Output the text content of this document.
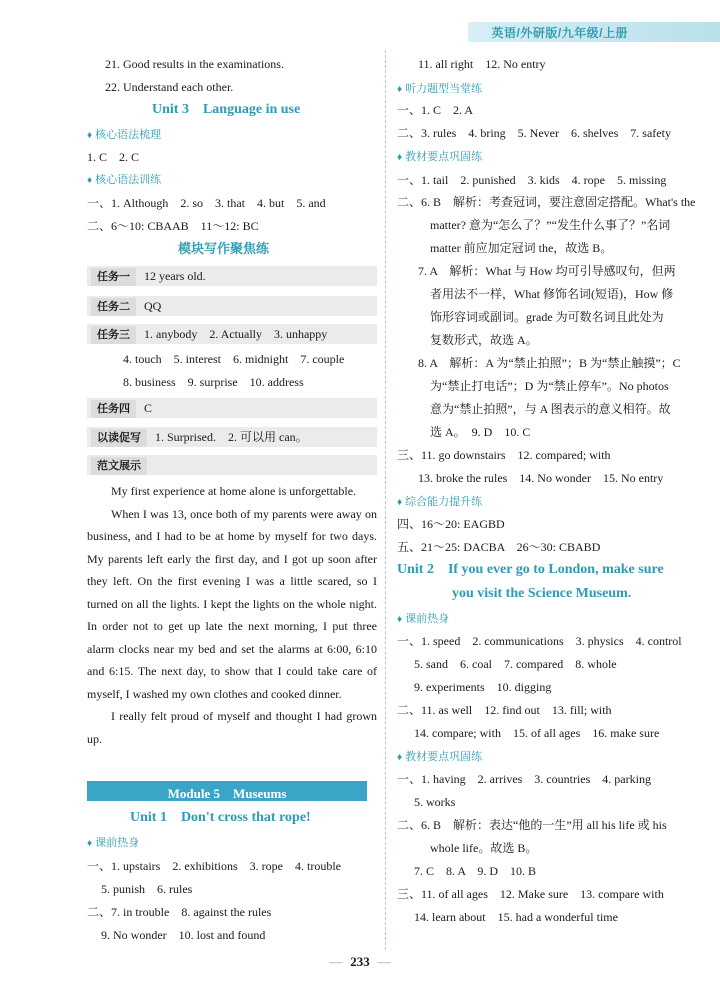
英语/外研版/九年级/上册
21. Good results in the examinations.
22. Understand each other.
Unit 3　Language in use
♦ 核心语法梳理
1. C　2. C
♦ 核心语法训练
一、1. Although　2. so　3. that　4. but　5. and
二、6～10: CBAAB　11～12: BC
模块写作聚焦练
任务一 12 years old.
任务二 QQ
任务三 1. anybody　2. Actually　3. unhappy
4. touch　5. interest　6. midnight　7. couple
8. business　9. surprise　10. address
任务四 C
以读促写 1. Surprised.　2. 可以用 can。
范文展示

My first experience at home alone is unforgettable.

When I was 13, once both of my parents were away on business, and I had to be at home by myself for two days. My parents left early the first day, and I got up soon after they left. On the first evening I was a little scared, so I turned on all the lights. I kept the lights on the whole night. In order not to get up late the next morning, I put three alarm clocks near my bed and set the alarms at 6:00, 6:10 and 6:15. The next day, to show that I could take care of myself, I washed my own clothes and cooked dinner.

I really felt proud of myself and thought I had grown up.

Module 5　Museums
Unit 1　Don't cross that rope!
♦ 课前热身
一、1. upstairs　2. exhibitions　3. rope　4. trouble
5. punish　6. rules
二、7. in trouble　8. against the rules
9. No wonder　10. lost and found
11. all right　12. No entry
♦ 听力题型当堂练
一、1. C　2. A
二、3. rules　4. bring　5. Never　6. shelves　7. safety
♦ 教材要点巩固练
一、1. tail　2. punished　3. kids　4. rope　5. missing
二、6. B　解析：考查冠词，要注意固定搭配。What's the
matter? 意为“怎么了？”“发生什么事了？”名词
matter 前应加定冠词 the，故选 B。
7. A　解析：What 与 How 均可引导感叹句，但两
者用法不一样，What 修饰名词(短语)，How 修
饰形容词或副词。grade 为可数名词且此处为
复数形式，故选 A。
8. A　解析：A 为“禁止拍照”；B 为“禁止触摸”；C
为“禁止打电话”；D 为“禁止停车”。No photos
意为“禁止拍照”，与 A 图表示的意义相符。故
选 A。　9. D　10. C
三、11. go downstairs　12. compared; with
13. broke the rules　14. No wonder　15. No entry
♦ 综合能力提升练
四、16～20: EAGBD
五、21～25: DACBA　26～30: CBABD
Unit 2　If you ever go to London, make sure
you visit the Science Museum.
♦ 课前热身
一、1. speed　2. communications　3. physics　4. control
5. sand　6. coal　7. compared　8. whole
9. experiments　10. digging
二、11. as well　12. find out　13. fill; with
14. compare; with　15. of all ages　16. make sure
♦ 教材要点巩固练
一、1. having　2. arrives　3. countries　4. parking
5. works
二、6. B　解析：表达“他的一生”用 all his life 或 his
whole life。故选 B。
7. C　8. A　9. D　10. B
三、11. of all ages　12. Make sure　13. compare with
14. learn about　15. had a wonderful time
— 233 —
